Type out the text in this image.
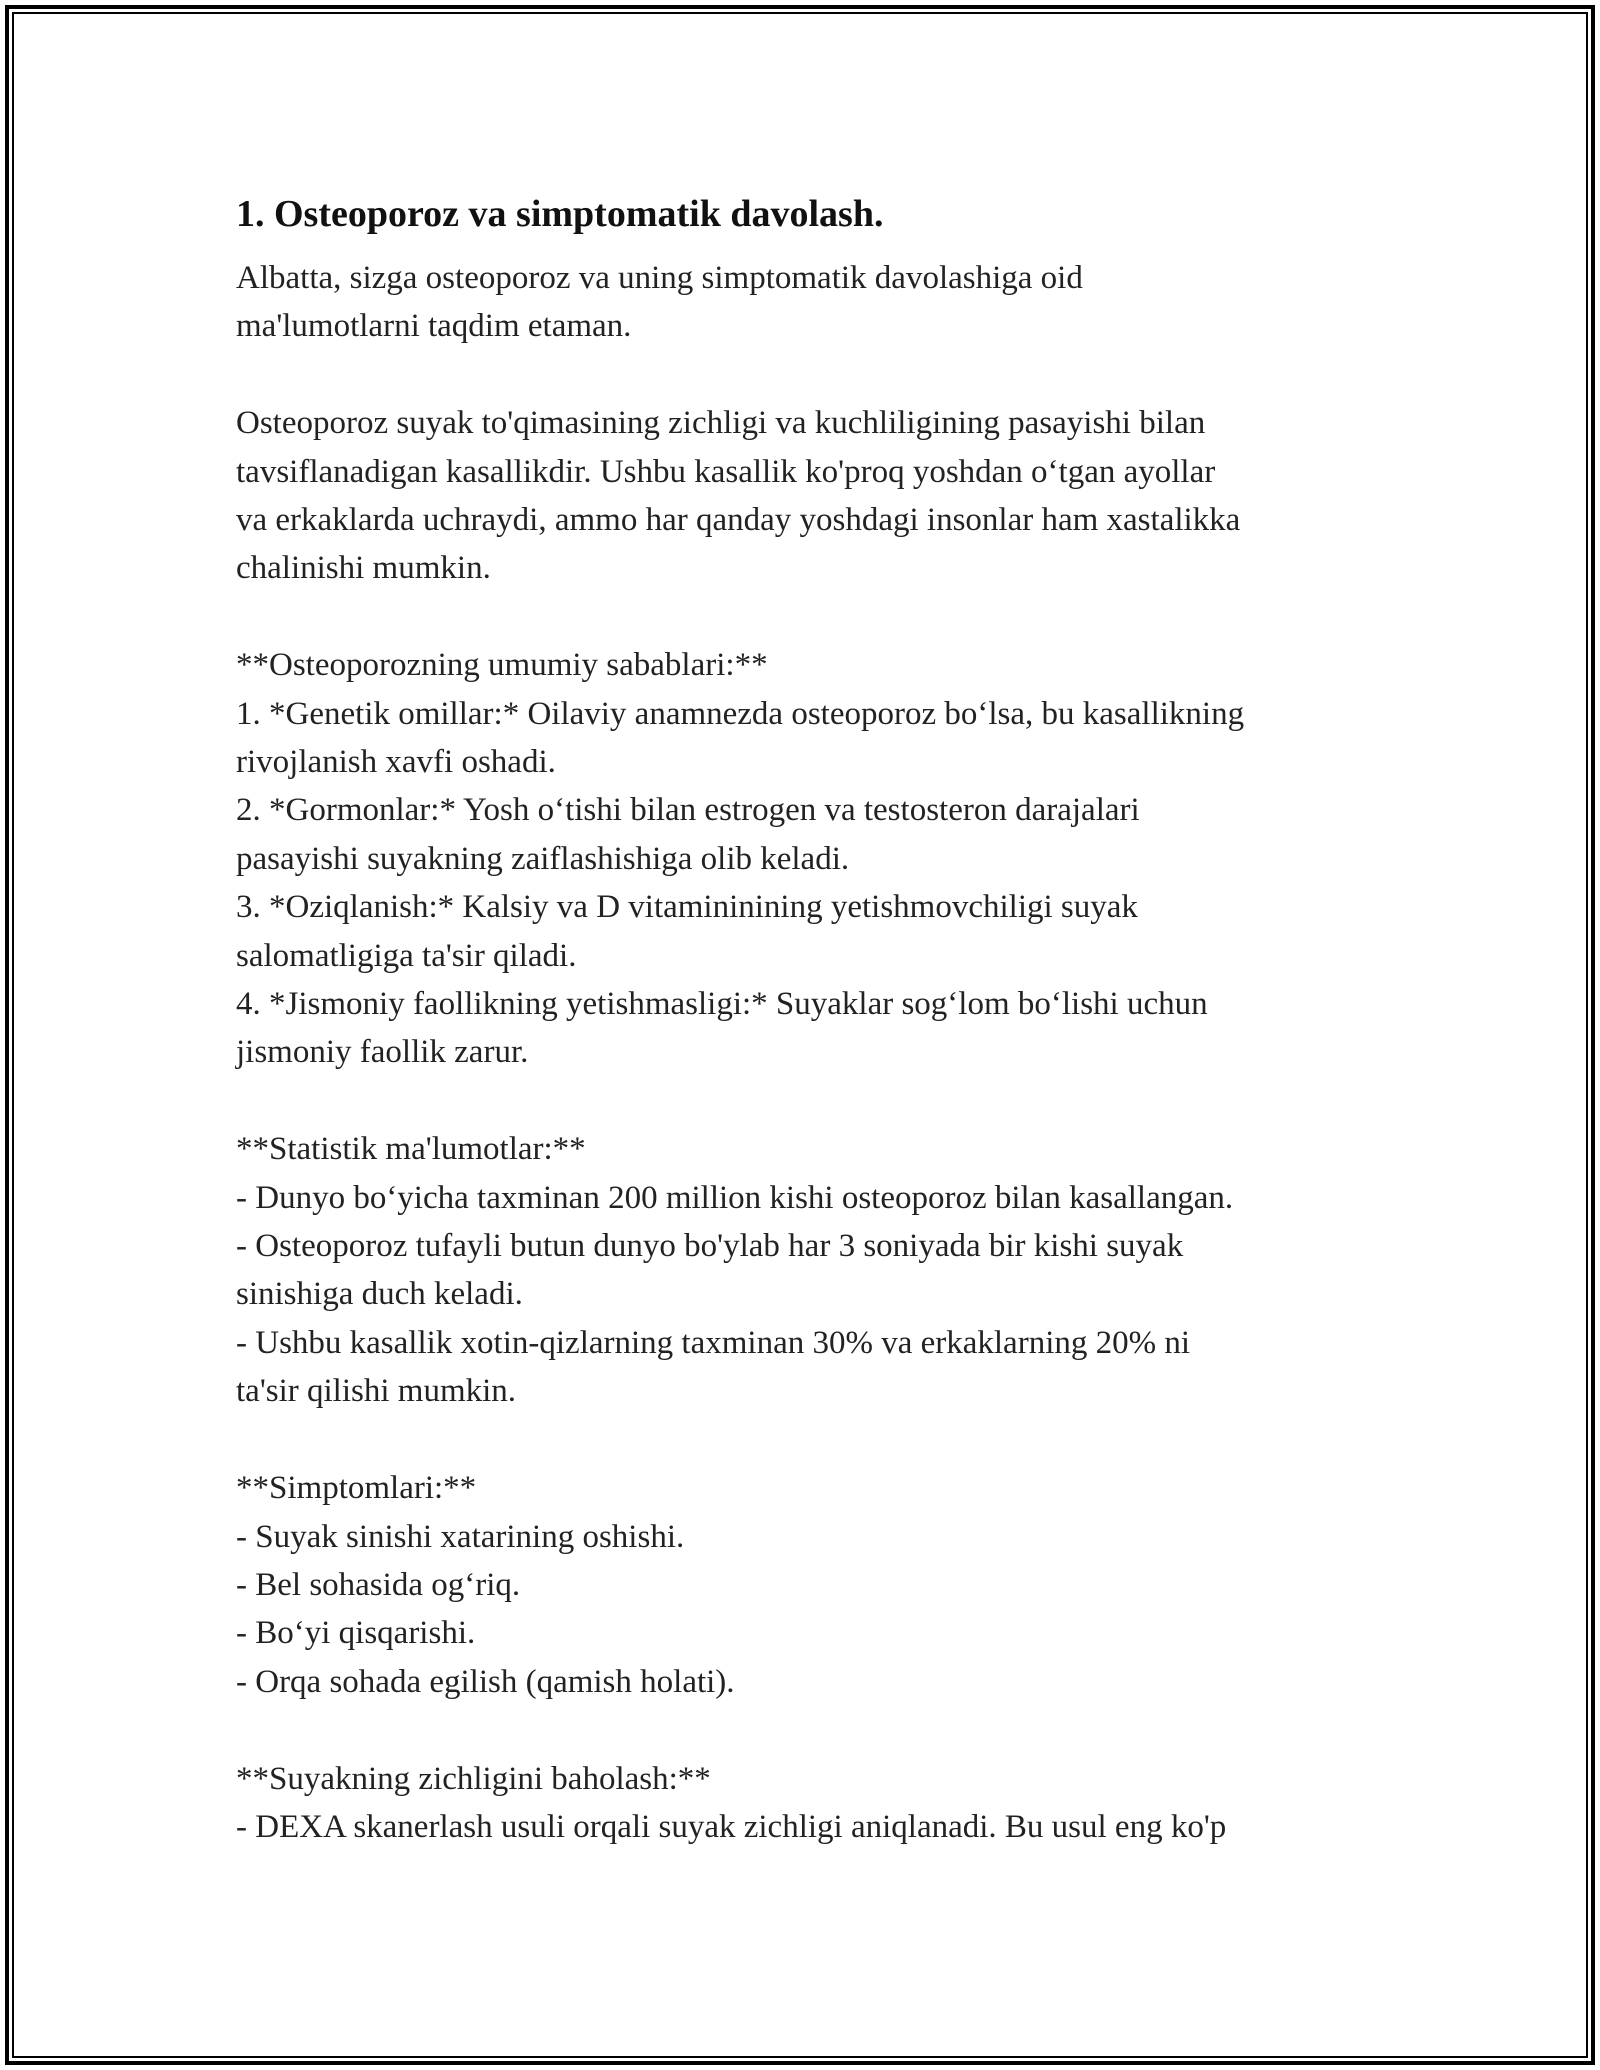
1. Osteoporoz va simptomatik davolash.
Albatta, sizga osteoporoz va uning simptomatik davolashiga oid
ma'lumotlarni taqdim etaman.
Osteoporoz suyak to'qimasining zichligi va kuchliligining pasayishi bilan
tavsiflanadigan kasallikdir. Ushbu kasallik ko'proq yoshdan o‘tgan ayollar
va erkaklarda uchraydi, ammo har qanday yoshdagi insonlar ham xastalikka
chalinishi mumkin.
**Osteoporozning umumiy sabablari:**
1. *Genetik omillar:* Oilaviy anamnezda osteoporoz bo‘lsa, bu kasallikning
rivojlanish xavfi oshadi.
2. *Gormonlar:* Yosh o‘tishi bilan estrogen va testosteron darajalari
pasayishi suyakning zaiflashishiga olib keladi.
3. *Oziqlanish:* Kalsiy va D vitamininining yetishmovchiligi suyak
salomatligiga ta'sir qiladi.
4. *Jismoniy faollikning yetishmasligi:* Suyaklar sog‘lom bo‘lishi uchun
jismoniy faollik zarur.
**Statistik ma'lumotlar:**
- Dunyo bo‘yicha taxminan 200 million kishi osteoporoz bilan kasallangan.
- Osteoporoz tufayli butun dunyo bo'ylab har 3 soniyada bir kishi suyak
sinishiga duch keladi.
- Ushbu kasallik xotin-qizlarning taxminan 30% va erkaklarning 20% ni
ta'sir qilishi mumkin.
**Simptomlari:**
- Suyak sinishi xatarining oshishi.
- Bel sohasida og‘riq.
- Bo‘yi qisqarishi.
- Orqa sohada egilish (qamish holati).
**Suyakning zichligini baholash:**
- DEXA skanerlash usuli orqali suyak zichligi aniqlanadi. Bu usul eng ko'p
